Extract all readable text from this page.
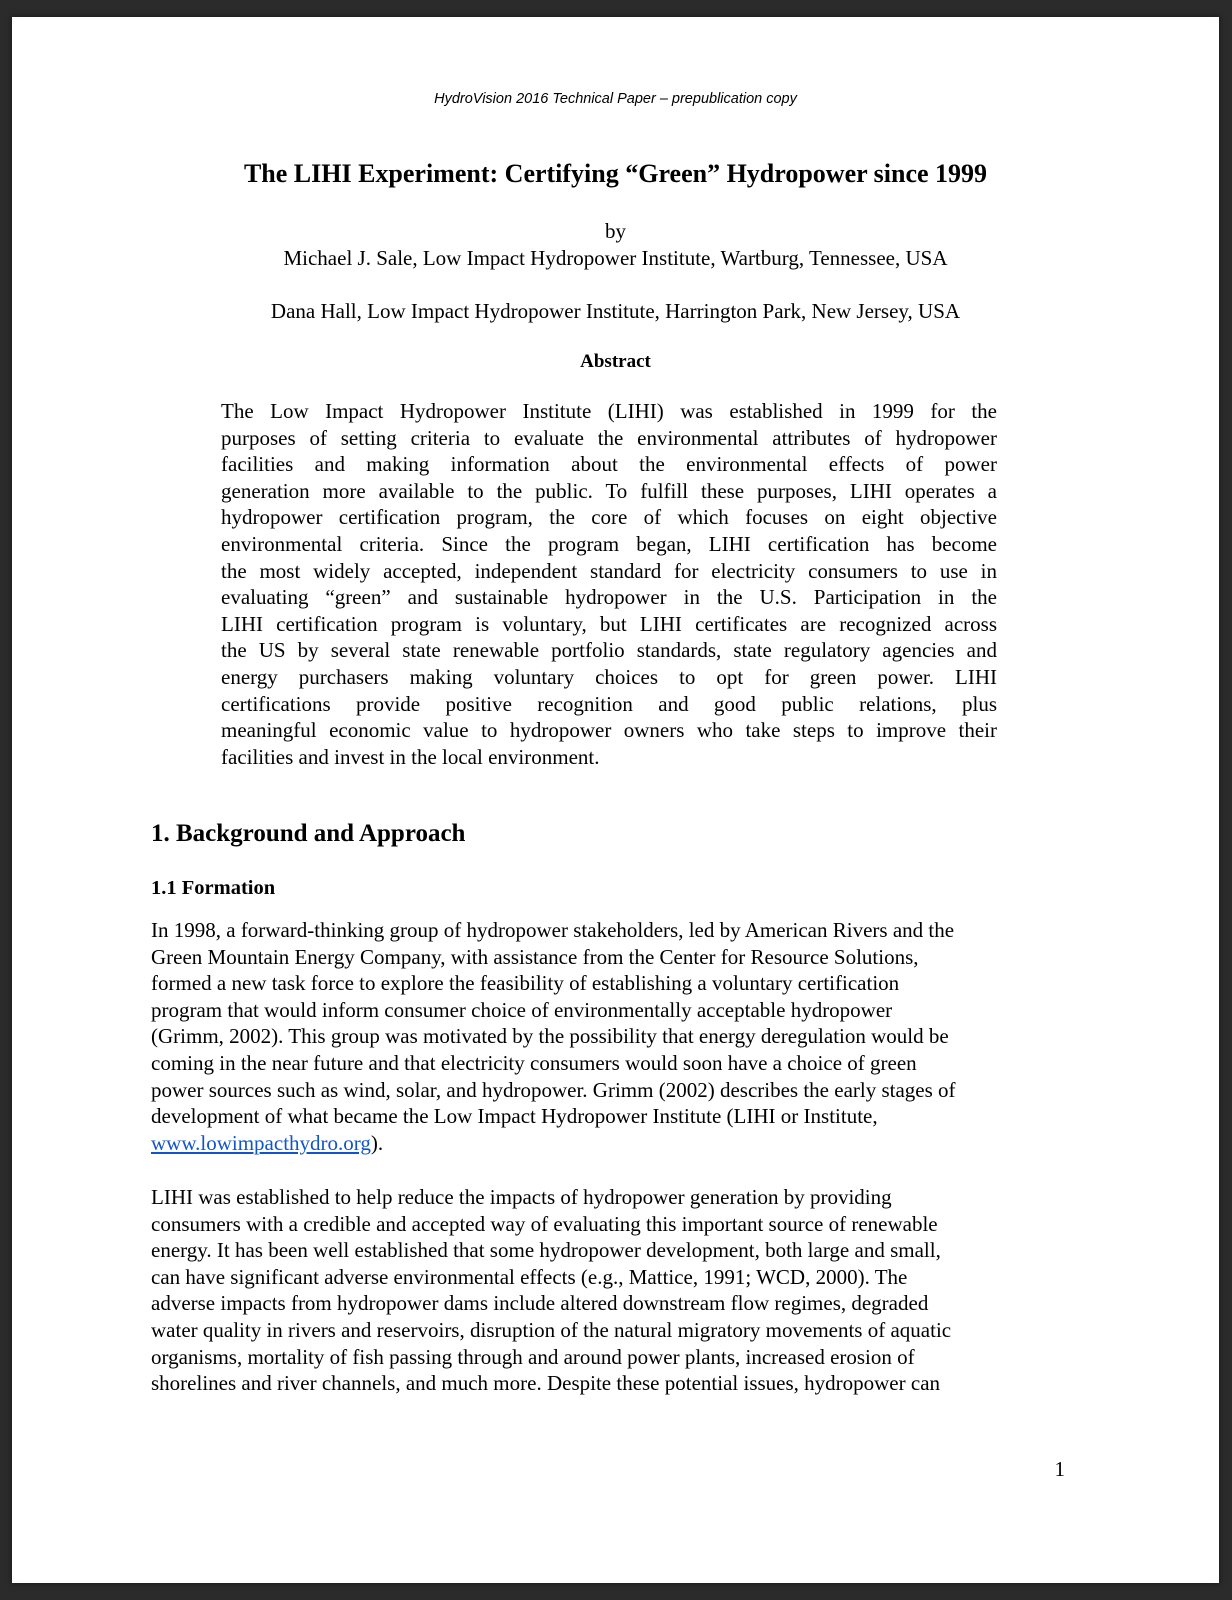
HydroVision 2016 Technical Paper – prepublication copy
The LIHI Experiment: Certifying “Green” Hydropower since 1999
by
Michael J. Sale, Low Impact Hydropower Institute, Wartburg, Tennessee, USA
Dana Hall, Low Impact Hydropower Institute, Harrington Park, New Jersey, USA
Abstract
The Low Impact Hydropower Institute (LIHI) was established in 1999 for the
purposes of setting criteria to evaluate the environmental attributes of hydropower
facilities and making information about the environmental effects of power
generation more available to the public. To fulfill these purposes, LIHI operates a
hydropower certification program, the core of which focuses on eight objective
environmental criteria. Since the program began, LIHI certification has become
the most widely accepted, independent standard for electricity consumers to use in
evaluating “green” and sustainable hydropower in the U.S. Participation in the
LIHI certification program is voluntary, but LIHI certificates are recognized across
the US by several state renewable portfolio standards, state regulatory agencies and
energy purchasers making voluntary choices to opt for green power. LIHI
certifications provide positive recognition and good public relations, plus
meaningful economic value to hydropower owners who take steps to improve their
facilities and invest in the local environment.
1. Background and Approach
1.1 Formation
In 1998, a forward-thinking group of hydropower stakeholders, led by American Rivers and the
Green Mountain Energy Company, with assistance from the Center for Resource Solutions,
formed a new task force to explore the feasibility of establishing a voluntary certification
program that would inform consumer choice of environmentally acceptable hydropower
(Grimm, 2002). This group was motivated by the possibility that energy deregulation would be
coming in the near future and that electricity consumers would soon have a choice of green
power sources such as wind, solar, and hydropower. Grimm (2002) describes the early stages of
development of what became the Low Impact Hydropower Institute (LIHI or Institute,
www.lowimpacthydro.org).
LIHI was established to help reduce the impacts of hydropower generation by providing
consumers with a credible and accepted way of evaluating this important source of renewable
energy. It has been well established that some hydropower development, both large and small,
can have significant adverse environmental effects (e.g., Mattice, 1991; WCD, 2000). The
adverse impacts from hydropower dams include altered downstream flow regimes, degraded
water quality in rivers and reservoirs, disruption of the natural migratory movements of aquatic
organisms, mortality of fish passing through and around power plants, increased erosion of
shorelines and river channels, and much more. Despite these potential issues, hydropower can
1
